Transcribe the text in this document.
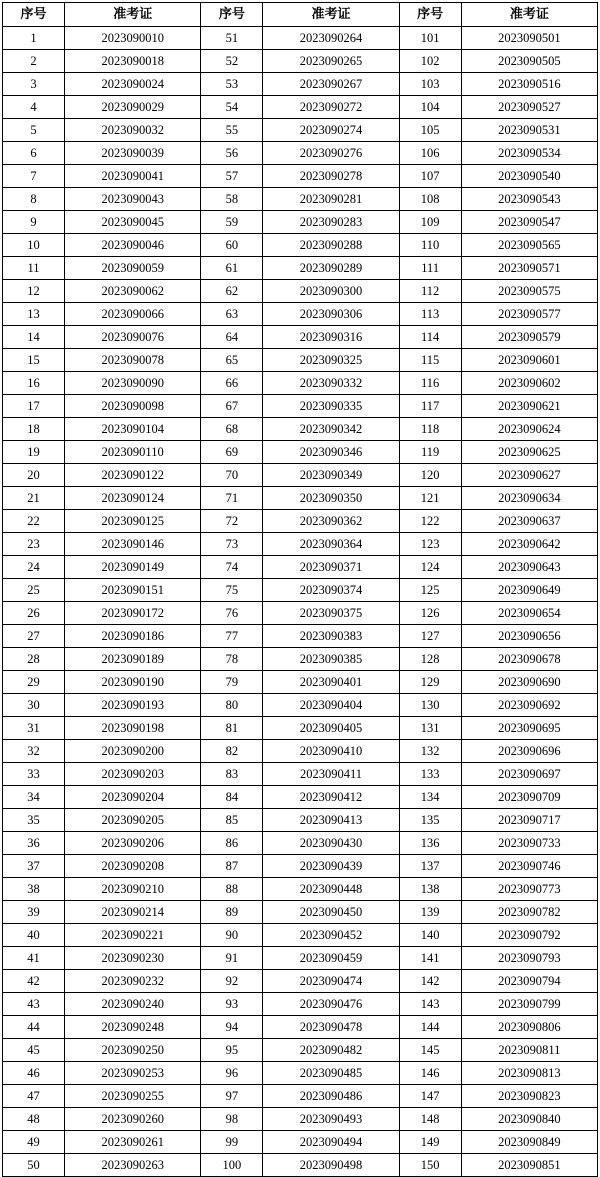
序号	准考证	序号	准考证	序号	准考证
1	2023090010	51	2023090264	101	2023090501
2	2023090018	52	2023090265	102	2023090505
3	2023090024	53	2023090267	103	2023090516
4	2023090029	54	2023090272	104	2023090527
5	2023090032	55	2023090274	105	2023090531
6	2023090039	56	2023090276	106	2023090534
7	2023090041	57	2023090278	107	2023090540
8	2023090043	58	2023090281	108	2023090543
9	2023090045	59	2023090283	109	2023090547
10	2023090046	60	2023090288	110	2023090565
11	2023090059	61	2023090289	111	2023090571
12	2023090062	62	2023090300	112	2023090575
13	2023090066	63	2023090306	113	2023090577
14	2023090076	64	2023090316	114	2023090579
15	2023090078	65	2023090325	115	2023090601
16	2023090090	66	2023090332	116	2023090602
17	2023090098	67	2023090335	117	2023090621
18	2023090104	68	2023090342	118	2023090624
19	2023090110	69	2023090346	119	2023090625
20	2023090122	70	2023090349	120	2023090627
21	2023090124	71	2023090350	121	2023090634
22	2023090125	72	2023090362	122	2023090637
23	2023090146	73	2023090364	123	2023090642
24	2023090149	74	2023090371	124	2023090643
25	2023090151	75	2023090374	125	2023090649
26	2023090172	76	2023090375	126	2023090654
27	2023090186	77	2023090383	127	2023090656
28	2023090189	78	2023090385	128	2023090678
29	2023090190	79	2023090401	129	2023090690
30	2023090193	80	2023090404	130	2023090692
31	2023090198	81	2023090405	131	2023090695
32	2023090200	82	2023090410	132	2023090696
33	2023090203	83	2023090411	133	2023090697
34	2023090204	84	2023090412	134	2023090709
35	2023090205	85	2023090413	135	2023090717
36	2023090206	86	2023090430	136	2023090733
37	2023090208	87	2023090439	137	2023090746
38	2023090210	88	2023090448	138	2023090773
39	2023090214	89	2023090450	139	2023090782
40	2023090221	90	2023090452	140	2023090792
41	2023090230	91	2023090459	141	2023090793
42	2023090232	92	2023090474	142	2023090794
43	2023090240	93	2023090476	143	2023090799
44	2023090248	94	2023090478	144	2023090806
45	2023090250	95	2023090482	145	2023090811
46	2023090253	96	2023090485	146	2023090813
47	2023090255	97	2023090486	147	2023090823
48	2023090260	98	2023090493	148	2023090840
49	2023090261	99	2023090494	149	2023090849
50	2023090263	100	2023090498	150	2023090851
